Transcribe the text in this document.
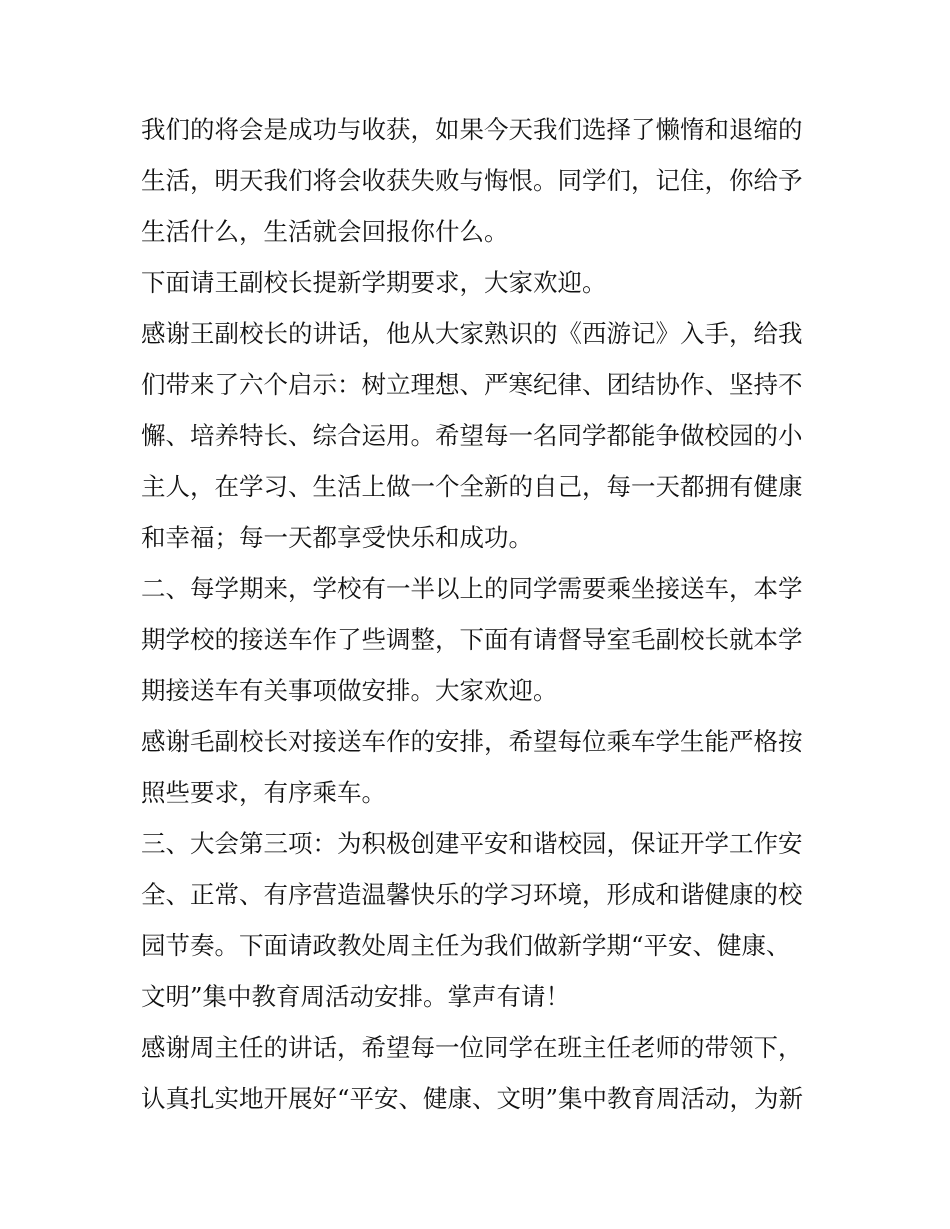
我们的将会是成功与收获，如果今天我们选择了懒惰和退缩的
生活，明天我们将会收获失败与悔恨。同学们，记住，你给予
生活什么，生活就会回报你什么。
下面请王副校长提新学期要求，大家欢迎。
感谢王副校长的讲话，他从大家熟识的《西游记》入手，给我
们带来了六个启示：树立理想、严寒纪律、团结协作、坚持不
懈、培养特长、综合运用。希望每一名同学都能争做校园的小
主人，在学习、生活上做一个全新的自己，每一天都拥有健康
和幸福；每一天都享受快乐和成功。
二、每学期来，学校有一半以上的同学需要乘坐接送车，本学
期学校的接送车作了些调整，下面有请督导室毛副校长就本学
期接送车有关事项做安排。大家欢迎。
感谢毛副校长对接送车作的安排，希望每位乘车学生能严格按
照些要求，有序乘车。
三、大会第三项：为积极创建平安和谐校园，保证开学工作安
全、正常、有序营造温馨快乐的学习环境，形成和谐健康的校
园节奏。下面请政教处周主任为我们做新学期“平安、健康、
文明”集中教育周活动安排。掌声有请！
感谢周主任的讲话，希望每一位同学在班主任老师的带领下，
认真扎实地开展好“平安、健康、文明”集中教育周活动，为新
